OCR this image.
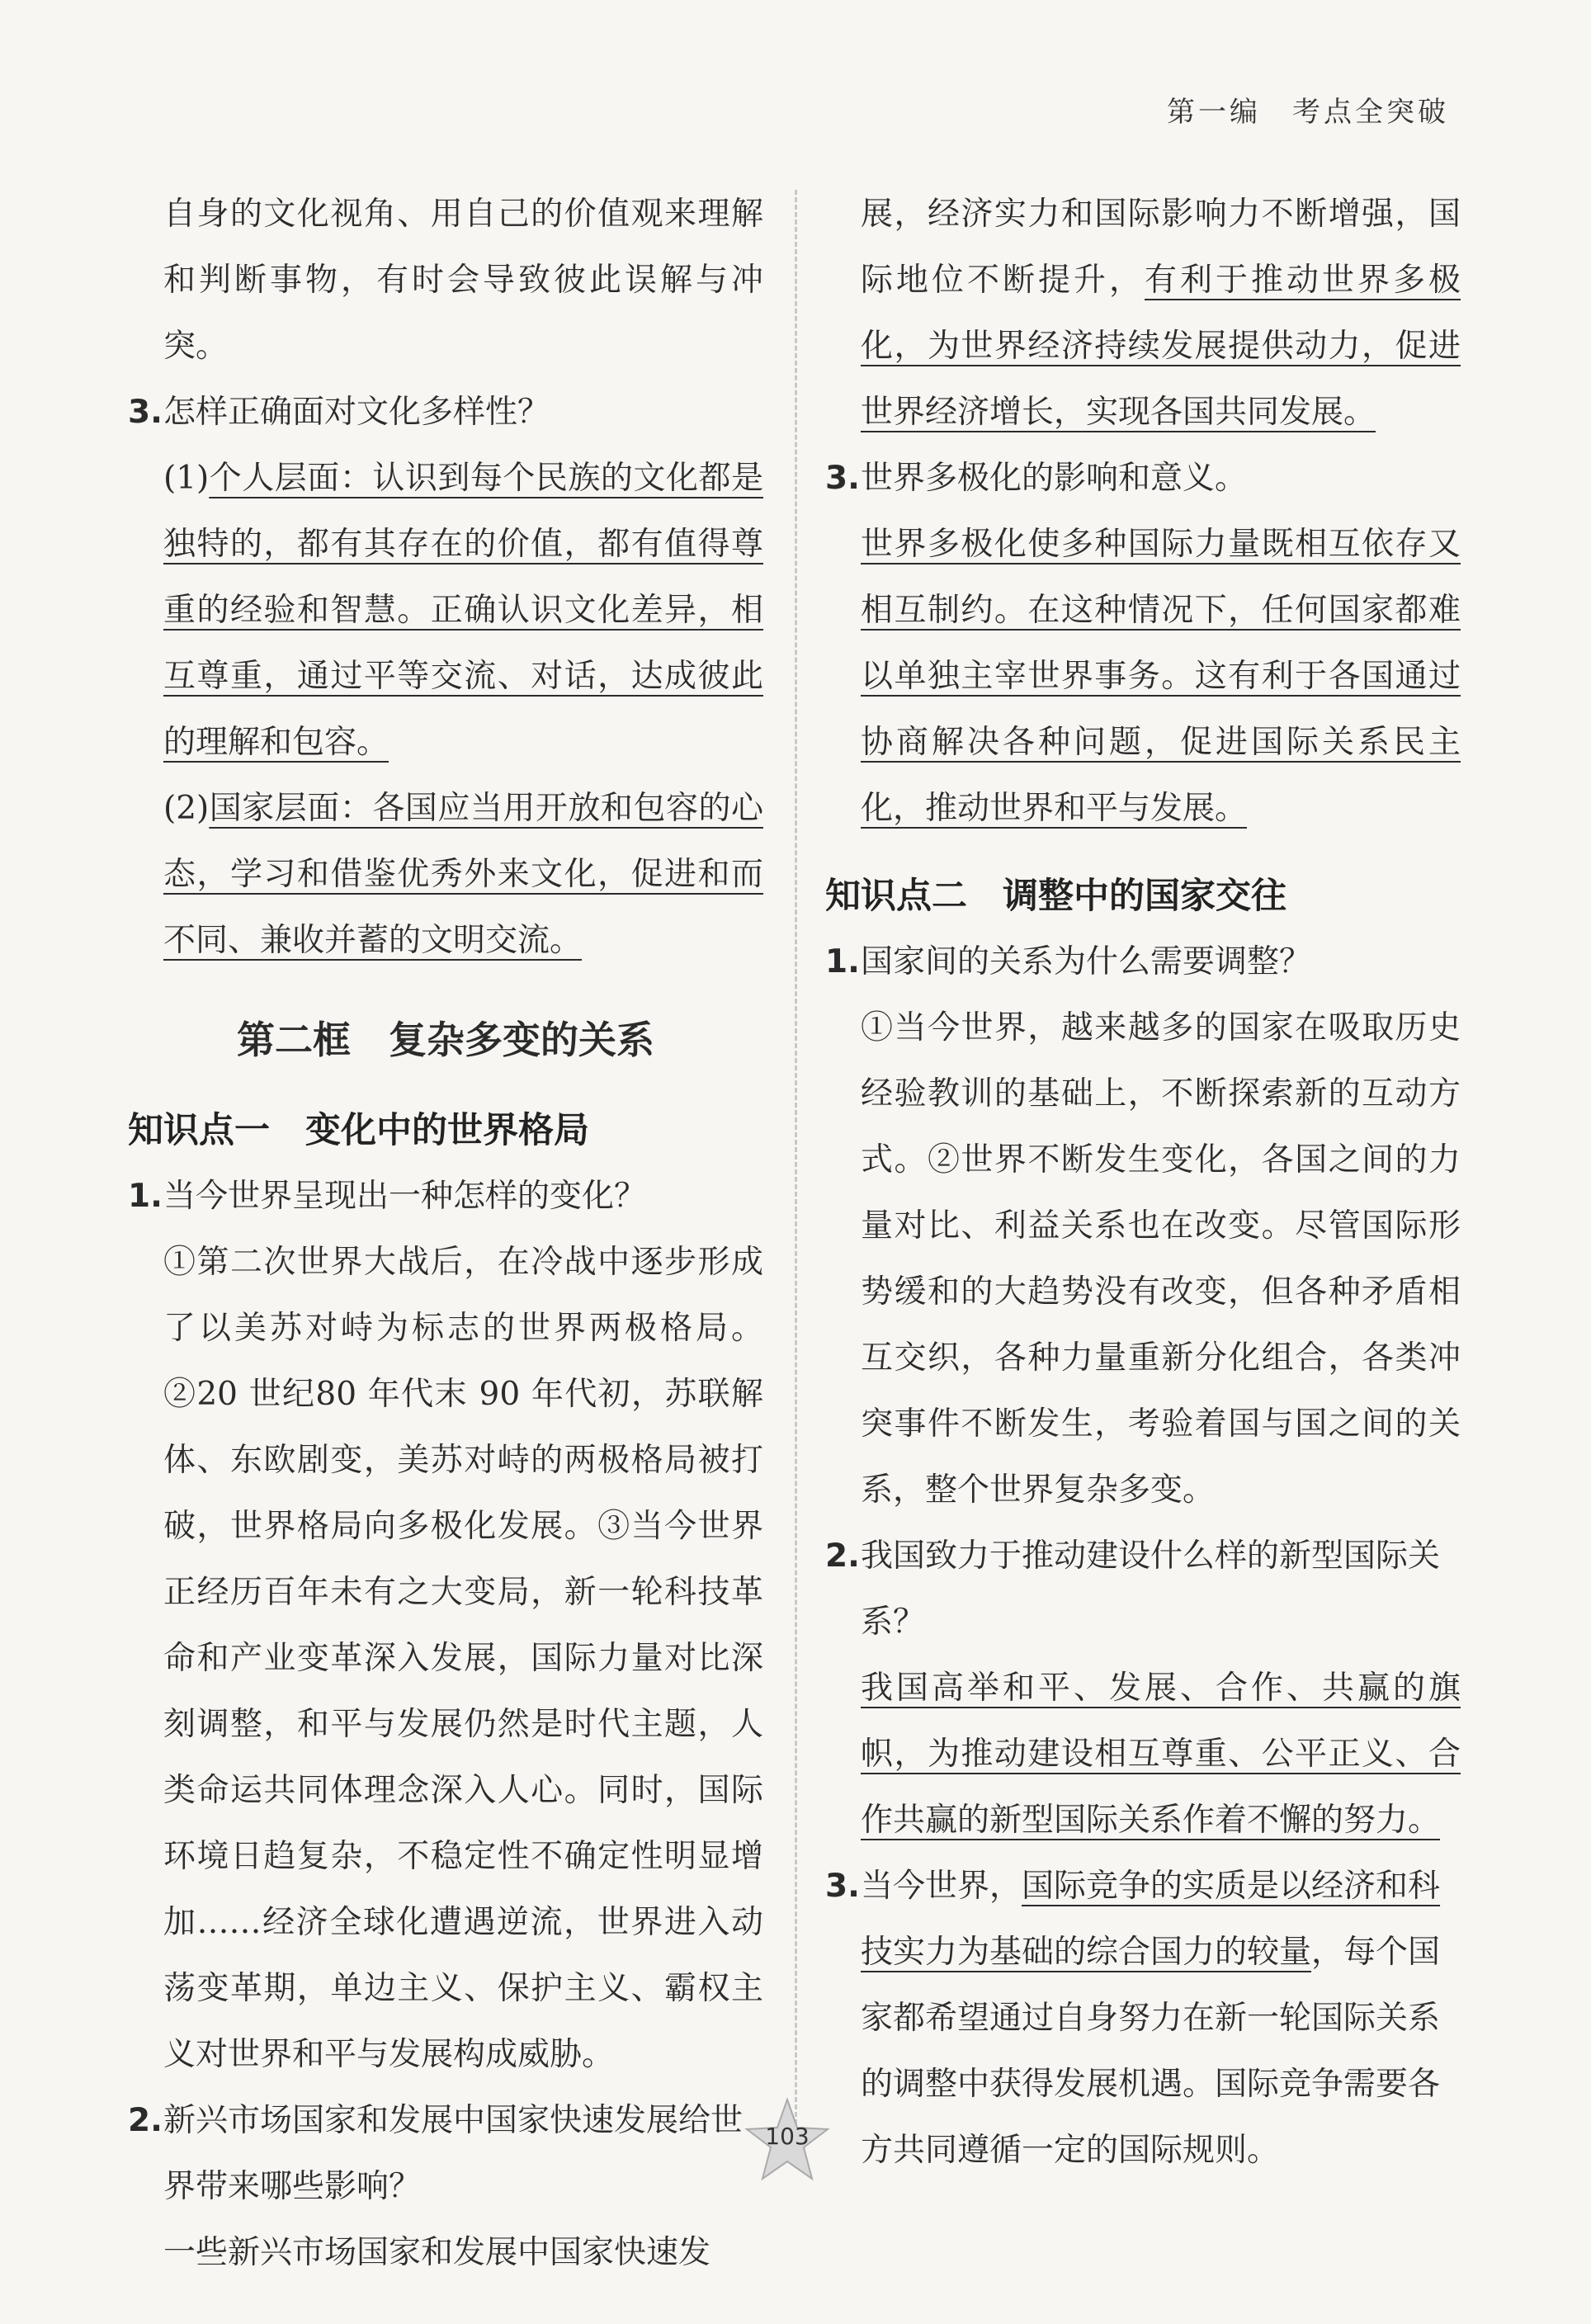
第一编　考点全突破

自身的文化视角、用自己的价值观来理解和判断事物，有时会导致彼此误解与冲突。

3. 怎样正确面对文化多样性？

(1)个人层面：认识到每个民族的文化都是独特的，都有其存在的价值，都有值得尊重的经验和智慧。正确认识文化差异，相互尊重，通过平等交流、对话，达成彼此的理解和包容。

(2)国家层面：各国应当用开放和包容的心态，学习和借鉴优秀外来文化，促进和而不同、兼收并蓄的文明交流。

第二框　复杂多变的关系
知识点一　变化中的世界格局
1. 当今世界呈现出一种怎样的变化？

①第二次世界大战后，在冷战中逐步形成了以美苏对峙为标志的世界两极格局。②20 世纪80 年代末 90 年代初，苏联解体、东欧剧变，美苏对峙的两极格局被打破，世界格局向多极化发展。③当今世界正经历百年未有之大变局，新一轮科技革命和产业变革深入发展，国际力量对比深刻调整，和平与发展仍然是时代主题，人类命运共同体理念深入人心。同时，国际环境日趋复杂，不稳定性不确定性明显增加……经济全球化遭遇逆流，世界进入动荡变革期，单边主义、保护主义、霸权主义对世界和平与发展构成威胁。

2. 新兴市场国家和发展中国家快速发展给世界带来哪些影响？

一些新兴市场国家和发展中国家快速发

展，经济实力和国际影响力不断增强，国际地位不断提升，有利于推动世界多极化，为世界经济持续发展提供动力，促进世界经济增长，实现各国共同发展。

3. 世界多极化的影响和意义。

世界多极化使多种国际力量既相互依存又相互制约。在这种情况下，任何国家都难以单独主宰世界事务。这有利于各国通过协商解决各种问题，促进国际关系民主化，推动世界和平与发展。

知识点二　调整中的国家交往
1. 国家间的关系为什么需要调整？

①当今世界，越来越多的国家在吸取历史经验教训的基础上，不断探索新的互动方式。②世界不断发生变化，各国之间的力量对比、利益关系也在改变。尽管国际形势缓和的大趋势没有改变，但各种矛盾相互交织，各种力量重新分化组合，各类冲突事件不断发生，考验着国与国之间的关系，整个世界复杂多变。

2. 我国致力于推动建设什么样的新型国际关系？

我国高举和平、发展、合作、共赢的旗帜，为推动建设相互尊重、公平正义、合作共赢的新型国际关系作着不懈的努力。

3. 当今世界，国际竞争的实质是以经济和科技实力为基础的综合国力的较量，每个国家都希望通过自身努力在新一轮国际关系的调整中获得发展机遇。国际竞争需要各方共同遵循一定的国际规则。
103
